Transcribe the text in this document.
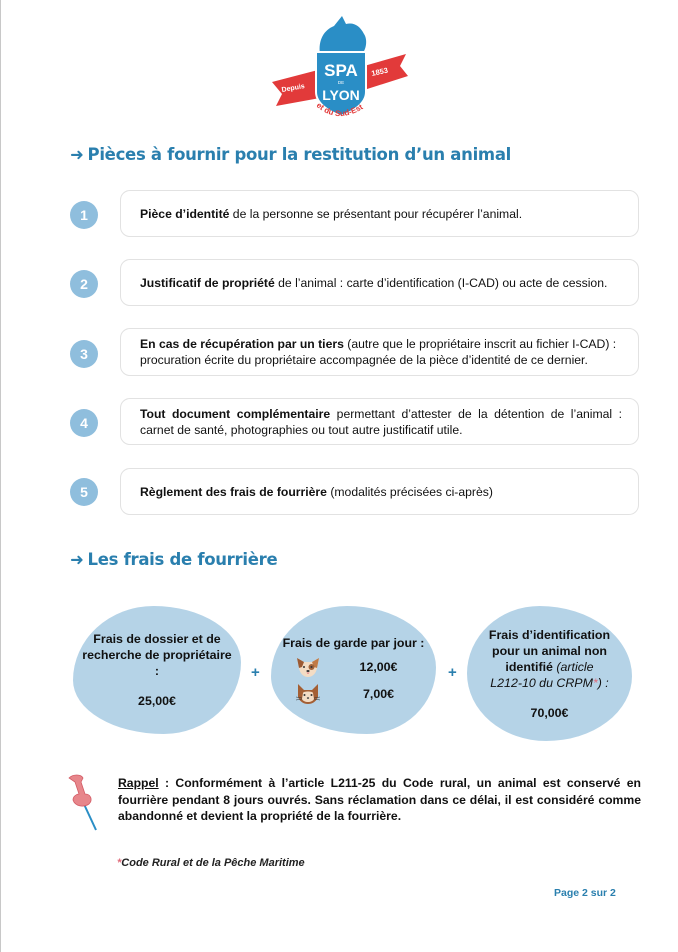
Depuis
1853
SPA
DE
LYON
et du Sud-Est
➜ Pièces à fournir pour la restitution d’un animal
1	Pièce d’identité de la personne se présentant pour récupérer l’animal.
2	Justificatif de propriété de l’animal : carte d’identification (I-CAD) ou acte de cession.
3
En cas de récupération par un tiers (autre que le propriétaire inscrit au fichier I-CAD) : procuration écrite du propriétaire accompagnée de la pièce d’identité de ce dernier.
4
Tout document complémentaire permettant d’attester de la détention de l’animal : carnet de santé, photographies ou tout autre justificatif utile.
5	Règlement des frais de fourrière (modalités précisées ci-après)
➜ Les frais de fourrière
Frais de dossier et de recherche de propriétaire :
25,00€
+
Frais de garde par jour :
12,00€
7,00€
+
Frais d’identification
pour un animal non
identifié (article
L212-10 du CRPM*) :
70,00€
Rappel : Conformément à l’article L211-25 du Code rural, un animal est conservé en fourrière pendant 8 jours ouvrés. Sans réclamation dans ce délai, il est considéré comme abandonné et devient la propriété de la fourrière.
*Code Rural et de la Pêche Maritime
Page 2 sur 2
